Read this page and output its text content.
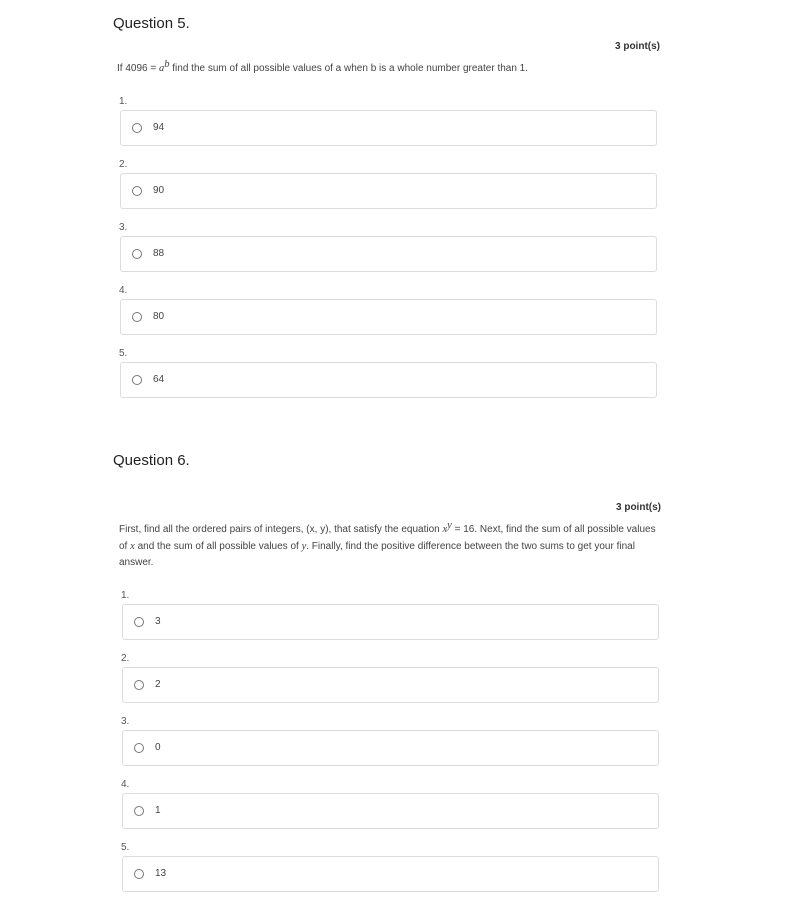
Question 5.
3 point(s)
If $4096 = a^b$ find the sum of all possible values of a when b is a whole number greater than 1.
1.
94
2.
90
3.
88
4.
80
5.
64
Question 6.
3 point(s)
First, find all the ordered pairs of integers, (x, y), that satisfy the equation $x^y = 16$. Next, find the sum of all possible values
of x and the sum of all possible values of y. Finally, find the positive difference between the two sums to get your final
answer.
1.
3
2.
2
3.
0
4.
1
5.
13
